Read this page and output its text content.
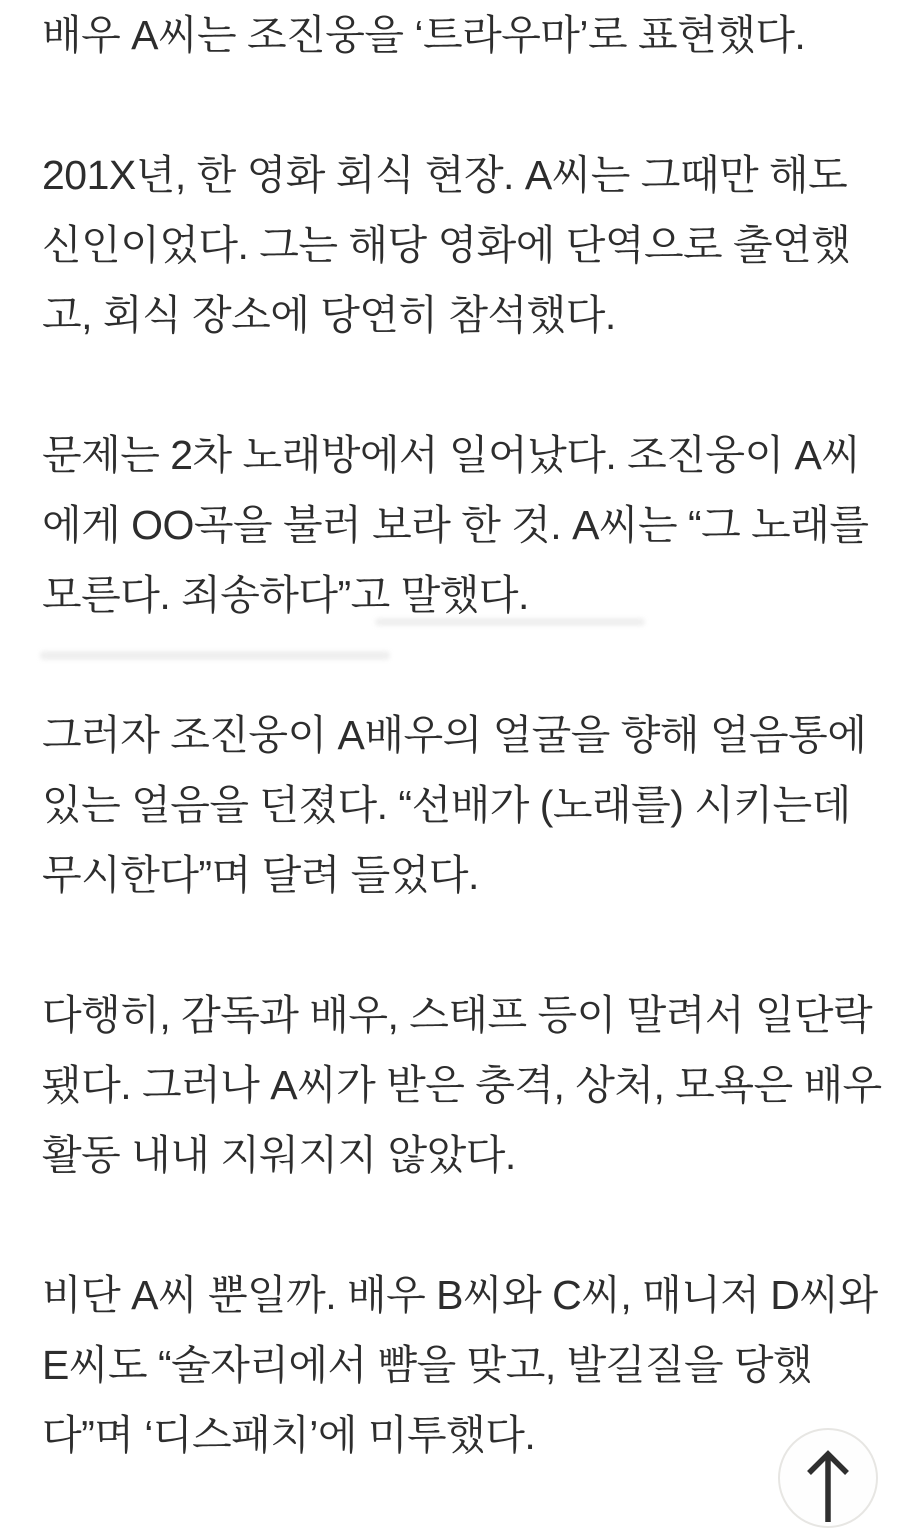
배우 A씨는 조진웅을 ‘트라우마’로 표현했다.

201X년, 한 영화 회식 현장. A씨는 그때만 해도
신인이었다. 그는 해당 영화에 단역으로 출연했
고, 회식 장소에 당연히 참석했다.

문제는 2차 노래방에서 일어났다. 조진웅이 A씨
에게 OO곡을 불러 보라 한 것. A씨는 “그 노래를
모른다. 죄송하다”고 말했다.

그러자 조진웅이 A배우의 얼굴을 향해 얼음통에
있는 얼음을 던졌다. “선배가 (노래를) 시키는데
무시한다”며 달려 들었다.

다행히, 감독과 배우, 스태프 등이 말려서 일단락
됐다. 그러나 A씨가 받은 충격, 상처, 모욕은 배우
활동 내내 지워지지 않았다.

비단 A씨 뿐일까. 배우 B씨와 C씨, 매니저 D씨와
E씨도 “술자리에서 뺨을 맞고, 발길질을 당했
다”며 ‘디스패치’에 미투했다.
